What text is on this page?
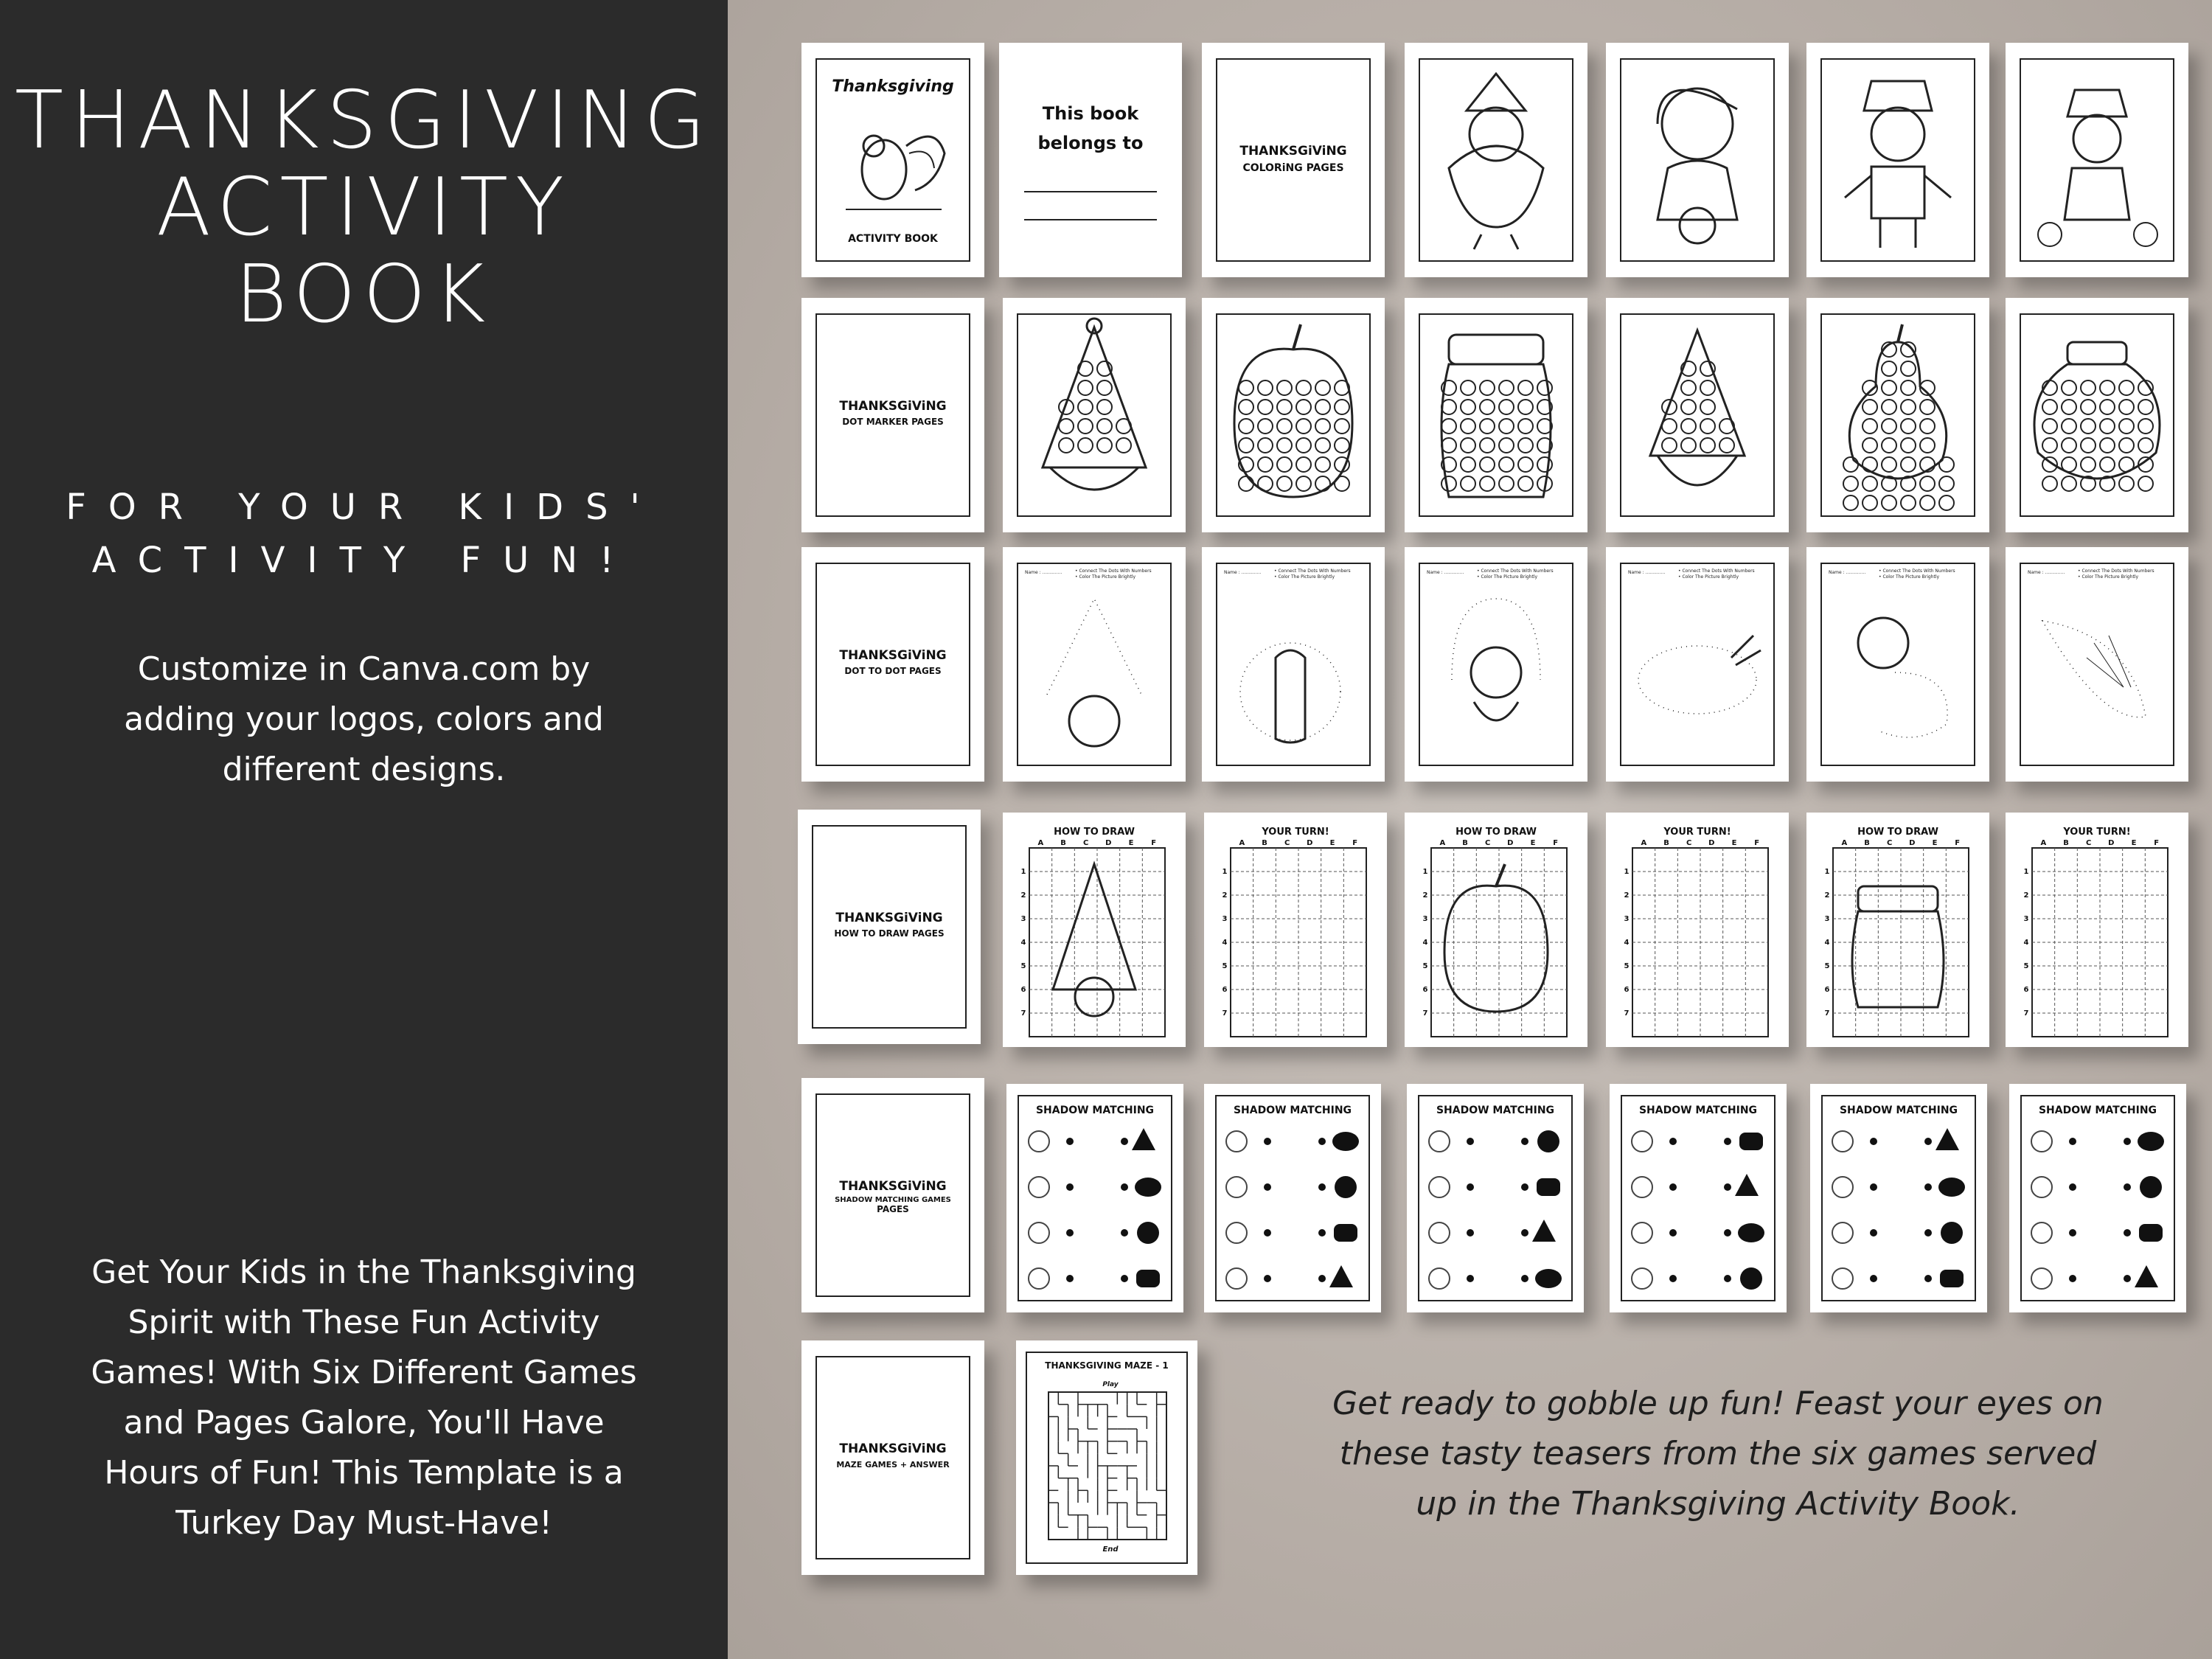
THANKSGIVING
ACTIVITY
BOOK
FOR YOUR KIDS'
ACTIVITY FUN!
Customize in Canva.com by
adding your logos, colors and
different designs.
Get Your Kids in the Thanksgiving
Spirit with These Fun Activity
Games! With Six Different Games
and Pages Galore, You'll Have
Hours of Fun! This Template is a
Turkey Day Must-Have!
Get ready to gobble up fun! Feast your eyes on
these tasty teasers from the six games served
up in the Thanksgiving Activity Book.
Thanksgiving
ACTIVITY BOOK
This book
belongs to	THANKSGiViNG
COLORiNG PAGES
THANKSGiViNG
DOT MARKER PAGES
THANKSGiViNG
DOT TO DOT PAGES
Name : ..............	• Connect The Dots With Numbers
• Color The Picture Brightly
Name : ..............	• Connect The Dots With Numbers
• Color The Picture Brightly
Name : ..............	• Connect The Dots With Numbers
• Color The Picture Brightly
Name : ..............	• Connect The Dots With Numbers
• Color The Picture Brightly
Name : ..............	• Connect The Dots With Numbers
• Color The Picture Brightly
Name : ..............	• Connect The Dots With Numbers
• Color The Picture Brightly
THANKSGiViNG
HOW TO DRAW PAGES
HOW TO DRAW
A B C D E F
1
2
3
4
5
6
7
YOUR TURN!
A B C D E F
1
2
3
4
5
6
7
HOW TO DRAW
A B C D E F
1
2
3
4
5
6
7
YOUR TURN!
A B C D E F
1
2
3
4
5
6
7
HOW TO DRAW
A B C D E F
1
2
3
4
5
6
7
YOUR TURN!
A B C D E F
1
2
3
4
5
6
7
THANKSGiViNG
SHADOW MATCHING GAMES
PAGES
SHADOW MATCHING	SHADOW MATCHING	SHADOW MATCHING	SHADOW MATCHING	SHADOW MATCHING	SHADOW MATCHING
THANKSGiViNG
MAZE GAMES + ANSWER
THANKSGIVING MAZE - 1
Play
End
